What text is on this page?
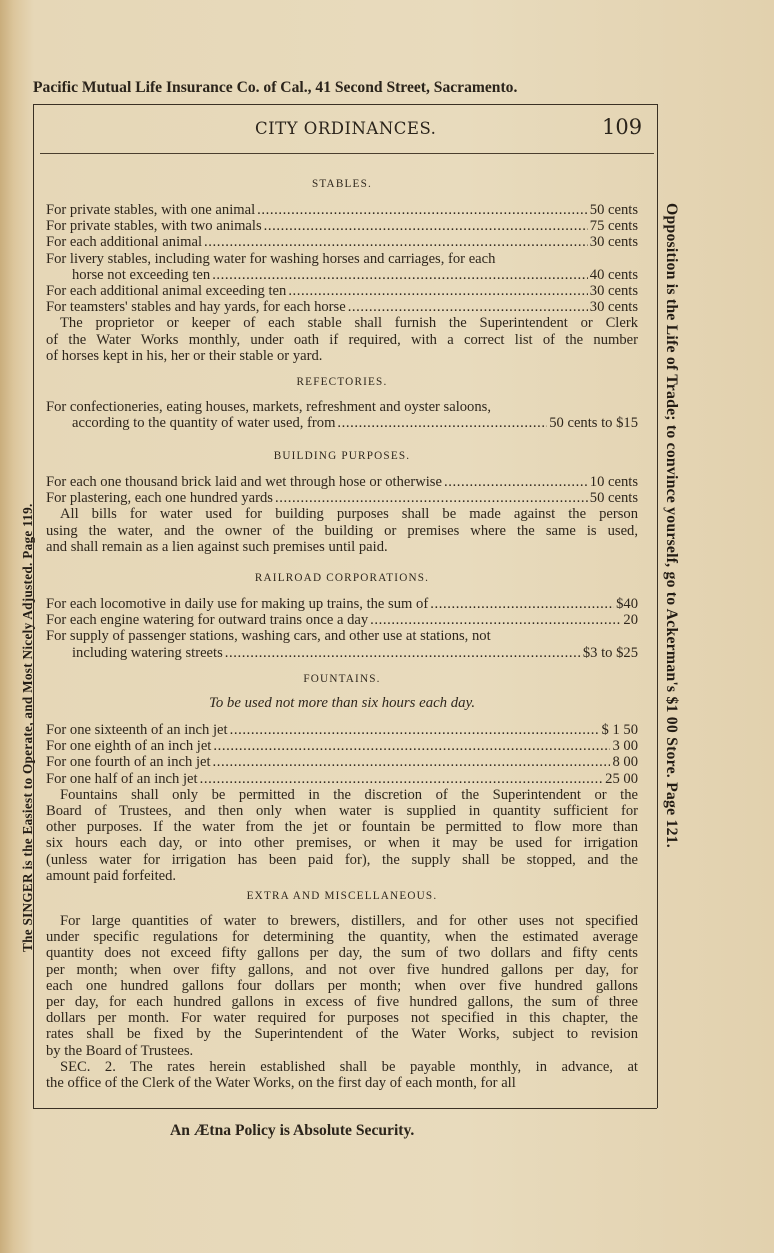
Pacific Mutual Life Insurance Co. of Cal., 41 Second Street, Sacramento.
The SINGER is the Easiest to Operate, and Most Nicely Adjusted. Page 119.	Opposition is the Life of Trade; to convince yourself, go to Ackerman's $1 00 Store. Page 121.
An Ætna Policy is Absolute Security.
CITY ORDINANCES.	109
STABLES.
For private stables, with one animal .....	50 cents
For private stables, with two animals .....	75 cents
For each additional animal .....	30 cents
For livery stables, including water for washing horses and carriages, for each
horse not exceeding ten .....	40 cents
For each additional animal exceeding ten .....	30 cents
For teamsters' stables and hay yards, for each horse .....	30 cents
The proprietor or keeper of each stable shall furnish the Superintendent or Clerk
of the Water Works monthly, under oath if required, with a correct list of the number
of horses kept in his, her or their stable or yard.
REFECTORIES.
For confectioneries, eating houses, markets, refreshment and oyster saloons,
according to the quantity of water used, from .....	50 cents to $15
BUILDING PURPOSES.
For each one thousand brick laid and wet through hose or otherwise .....	10 cents
For plastering, each one hundred yards .....	50 cents
All bills for water used for building purposes shall be made against the person
using the water, and the owner of the building or premises where the same is used,
and shall remain as a lien against such premises until paid.
RAILROAD CORPORATIONS.
For each locomotive in daily use for making up trains, the sum of .....	$40
For each engine watering for outward trains once a day .....	20
For supply of passenger stations, washing cars, and other use at stations, not
including watering streets .....	$3 to $25
FOUNTAINS.
To be used not more than six hours each day.
For one sixteenth of an inch jet .....	$ 1 50
For one eighth of an inch jet .....	3 00
For one fourth of an inch jet .....	8 00
For one half of an inch jet .....	25 00
Fountains shall only be permitted in the discretion of the Superintendent or the
Board of Trustees, and then only when water is supplied in quantity sufficient for
other purposes. If the water from the jet or fountain be permitted to flow more than
six hours each day, or into other premises, or when it may be used for irrigation
(unless water for irrigation has been paid for), the supply shall be stopped, and the
amount paid forfeited.
EXTRA AND MISCELLANEOUS.
For large quantities of water to brewers, distillers, and for other uses not specified
under specific regulations for determining the quantity, when the estimated average
quantity does not exceed fifty gallons per day, the sum of two dollars and fifty cents
per month; when over fifty gallons, and not over five hundred gallons per day, for
each one hundred gallons four dollars per month; when over five hundred gallons
per day, for each hundred gallons in excess of five hundred gallons, the sum of three
dollars per month. For water required for purposes not specified in this chapter, the
rates shall be fixed by the Superintendent of the Water Works, subject to revision
by the Board of Trustees.
SEC. 2. The rates herein established shall be payable monthly, in advance, at
the office of the Clerk of the Water Works, on the first day of each month, for all
